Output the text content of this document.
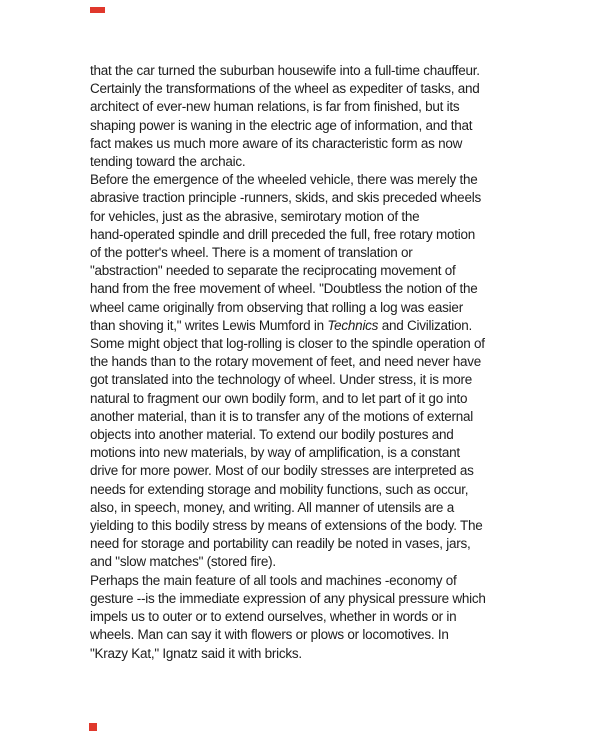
that the car turned the suburban housewife into a full-time chauffeur.
Certainly the transformations of the wheel as expediter of tasks, and
architect of ever-new human relations, is far from finished, but its
shaping power is waning in the electric age of information, and that
fact makes us much more aware of its characteristic form as now
tending toward the archaic.
Before the emergence of the wheeled vehicle, there was merely the
abrasive traction principle -runners, skids, and skis preceded wheels
for vehicles, just as the abrasive, semirotary motion of the
hand-operated spindle and drill preceded the full, free rotary motion
of the potter's wheel. There is a moment of translation or
"abstraction" needed to separate the reciprocating movement of
hand from the free movement of wheel. "Doubtless the notion of the
wheel came originally from observing that rolling a log was easier
than shoving it," writes Lewis Mumford in Technics and Civilization.
Some might object that log-rolling is closer to the spindle operation of
the hands than to the rotary movement of feet, and need never have
got translated into the technology of wheel. Under stress, it is more
natural to fragment our own bodily form, and to let part of it go into
another material, than it is to transfer any of the motions of external
objects into another material. To extend our bodily postures and
motions into new materials, by way of amplification, is a constant
drive for more power. Most of our bodily stresses are interpreted as
needs for extending storage and mobility functions, such as occur,
also, in speech, money, and writing. All manner of utensils are a
yielding to this bodily stress by means of extensions of the body. The
need for storage and portability can readily be noted in vases, jars,
and "slow matches" (stored fire).
Perhaps the main feature of all tools and machines -economy of
gesture --is the immediate expression of any physical pressure which
impels us to outer or to extend ourselves, whether in words or in
wheels. Man can say it with flowers or plows or locomotives. In
"Krazy Kat," Ignatz said it with bricks.
